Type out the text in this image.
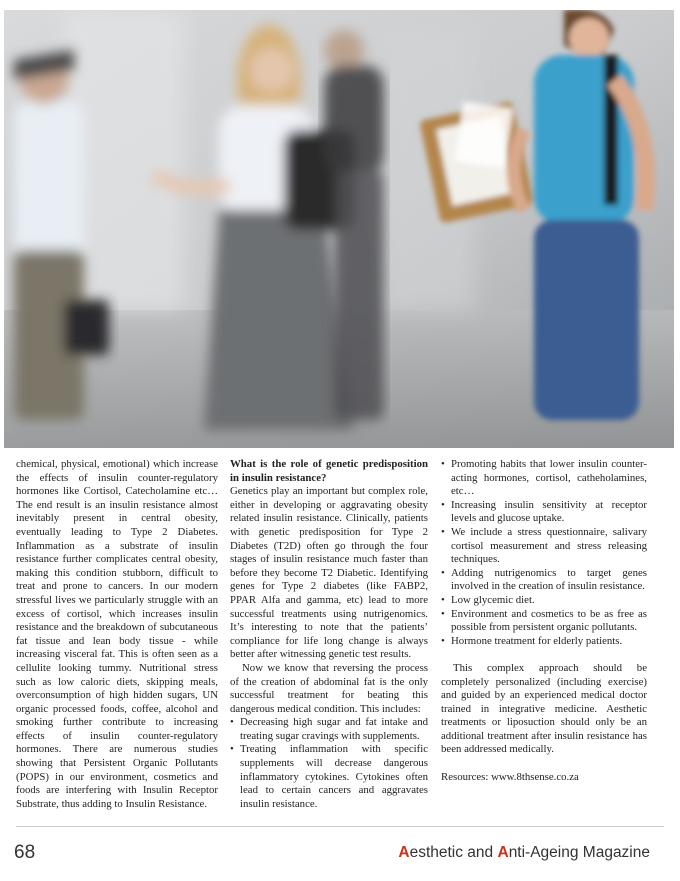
chemical, physical, emotional) which increase the effects of insulin counter-regulatory hormones like Cortisol, Catecholamine etc… The end result is an insulin resistance almost inevitably present in central obesity, eventually leading to Type 2 Diabetes. Inflammation as a substrate of insulin resistance further complicates central obesity, making this condition stubborn, difficult to treat and prone to cancers. In our modern stressful lives we particularly struggle with an excess of cortisol, which increases insulin resistance and the breakdown of subcutaneous fat tissue and lean body tissue - while increasing visceral fat. This is often seen as a cellulite looking tummy. Nutritional stress such as low caloric diets, skipping meals, overconsumption of high hidden sugars, UN organic processed foods, coffee, alcohol and smoking further contribute to increasing effects of insulin counter-regulatory hormones. There are numerous studies showing that Persistent Organic Pollutants (POPS) in our environment, cosmetics and foods are interfering with Insulin Receptor Substrate, thus adding to Insulin Resistance.

What is the role of genetic predisposition in insulin resistance?

Genetics play an important but complex role, either in developing or aggravating obesity related insulin resistance. Clinically, patients with genetic predisposition for Type 2 Diabetes (T2D) often go through the four stages of insulin resistance much faster than before they become T2 Diabetic. Identifying genes for Type 2 diabetes (like FABP2, PPAR Alfa and gamma, etc) lead to more successful treatments using nutrigenomics. It’s interesting to note that the patients’ compliance for life long change is always better after witnessing genetic test results.

Now we know that reversing the process of the creation of abdominal fat is the only successful treatment for beating this dangerous medical condition. This includes:

• Decreasing high sugar and fat intake and treating sugar cravings with supplements.
• Treating inflammation with specific supplements will decrease dangerous inflammatory cytokines. Cytokines often lead to certain cancers and aggravates insulin resistance.
• Promoting habits that lower insulin counter-acting hormones, cortisol, catheholamines, etc…
• Increasing insulin sensitivity at receptor levels and glucose uptake.
• We include a stress questionnaire, salivary cortisol measurement and stress releasing techniques.
• Adding nutrigenomics to target genes involved in the creation of insulin resistance.
• Low glycemic diet.
• Environment and cosmetics to be as free as possible from persistent organic pollutants.
• Hormone treatment for elderly patients.

This complex approach should be completely personalized (including exercise) and guided by an experienced medical doctor trained in integrative medicine. Aesthetic treatments or liposuction should only be an additional treatment after insulin resistance has been addressed medically.

Resources: www.8thsense.co.za

68	Aesthetic and Anti-Ageing Magazine
